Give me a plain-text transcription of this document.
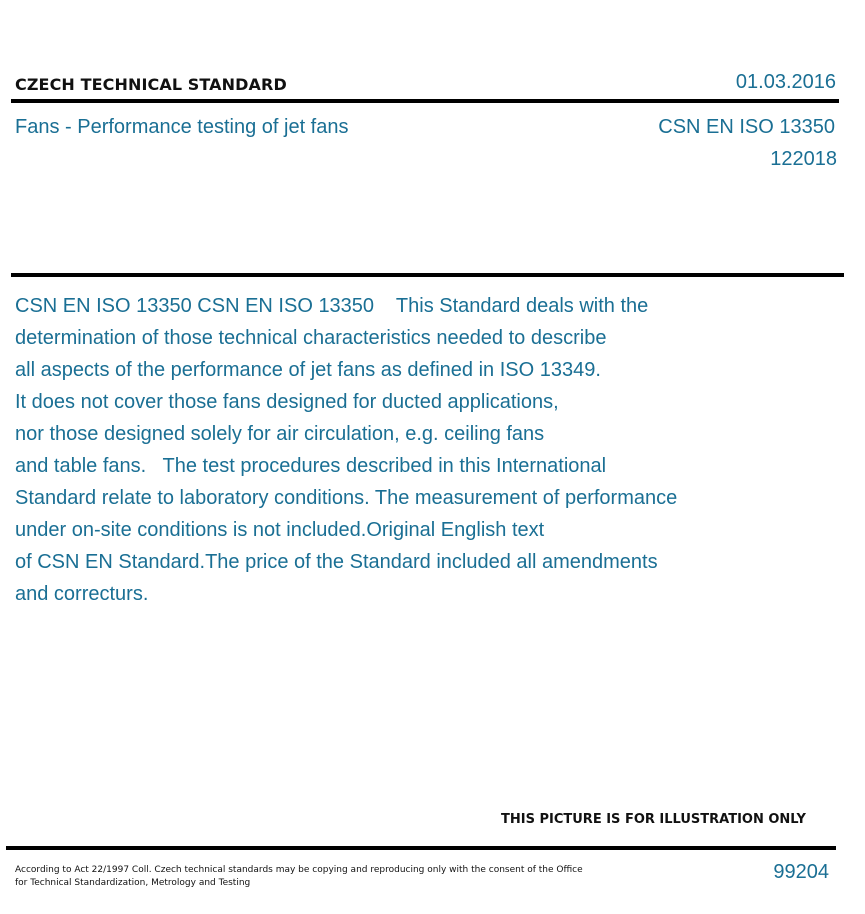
CZECH TECHNICAL STANDARD	01.03.2016
Fans - Performance testing of jet fans	CSN EN ISO 13350
122018

CSN EN ISO 13350 CSN EN ISO 13350    This Standard deals with the
determination of those technical characteristics needed to describe
all aspects of the performance of jet fans as defined in ISO 13349.
It does not cover those fans designed for ducted applications,
nor those designed solely for air circulation, e.g. ceiling fans
and table fans.   The test procedures described in this International
Standard relate to laboratory conditions. The measurement of performance
under on-site conditions is not included.Original English text
of CSN EN Standard.The price of the Standard included all amendments
and correcturs.

THIS PICTURE IS FOR ILLUSTRATION ONLY
According to Act 22/1997 Coll. Czech technical standards may be copying and reproducing only with the consent of the Office
for Technical Standardization, Metrology and Testing	99204
